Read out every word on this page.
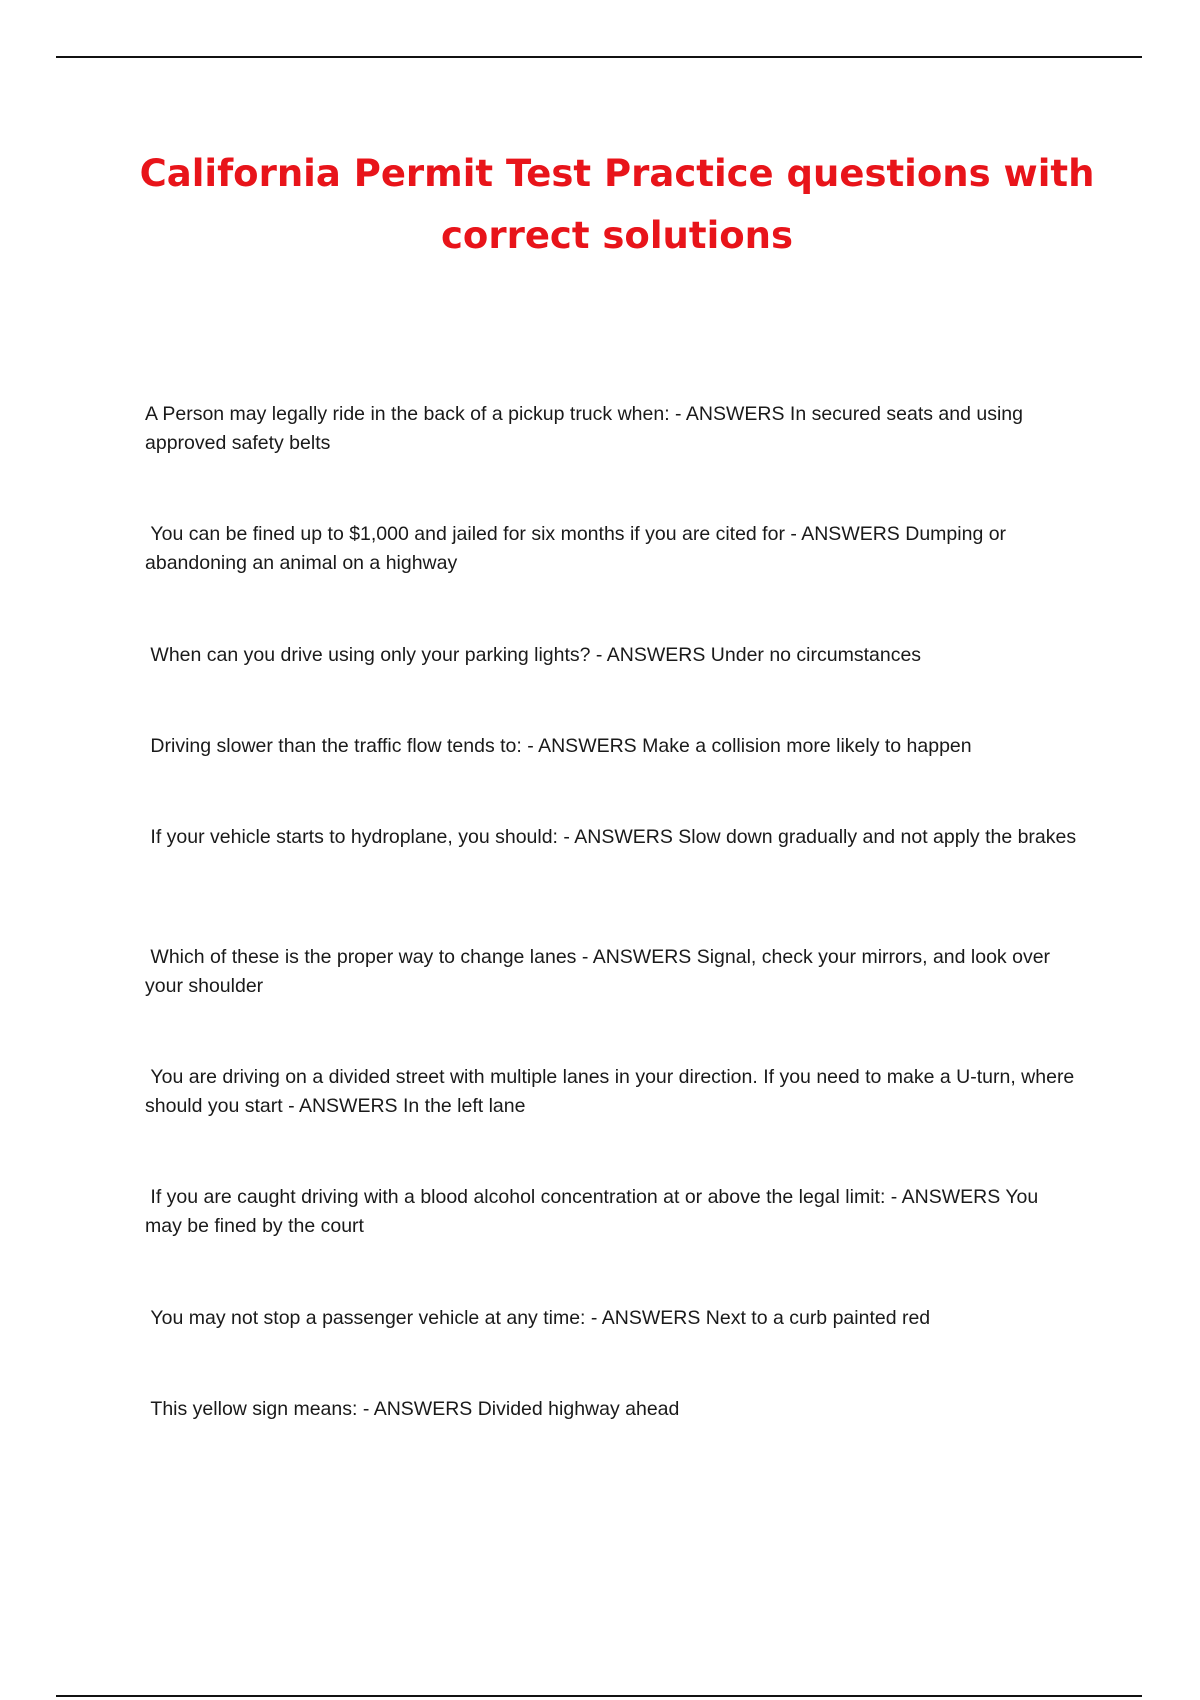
California Permit Test Practice questions with correct solutions

A Person may legally ride in the back of a pickup truck when: - ANSWERS In secured seats and using approved safety belts

You can be fined up to $1,000 and jailed for six months if you are cited for - ANSWERS Dumping or abandoning an animal on a highway

When can you drive using only your parking lights? - ANSWERS Under no circumstances

Driving slower than the traffic flow tends to: - ANSWERS Make a collision more likely to happen

If your vehicle starts to hydroplane, you should: - ANSWERS Slow down gradually and not apply the brakes

Which of these is the proper way to change lanes - ANSWERS Signal, check your mirrors, and look over your shoulder

You are driving on a divided street with multiple lanes in your direction. If you need to make a U-turn, where should you start - ANSWERS In the left lane

If you are caught driving with a blood alcohol concentration at or above the legal limit: - ANSWERS You may be fined by the court

You may not stop a passenger vehicle at any time: - ANSWERS Next to a curb painted red

This yellow sign means: - ANSWERS Divided highway ahead
